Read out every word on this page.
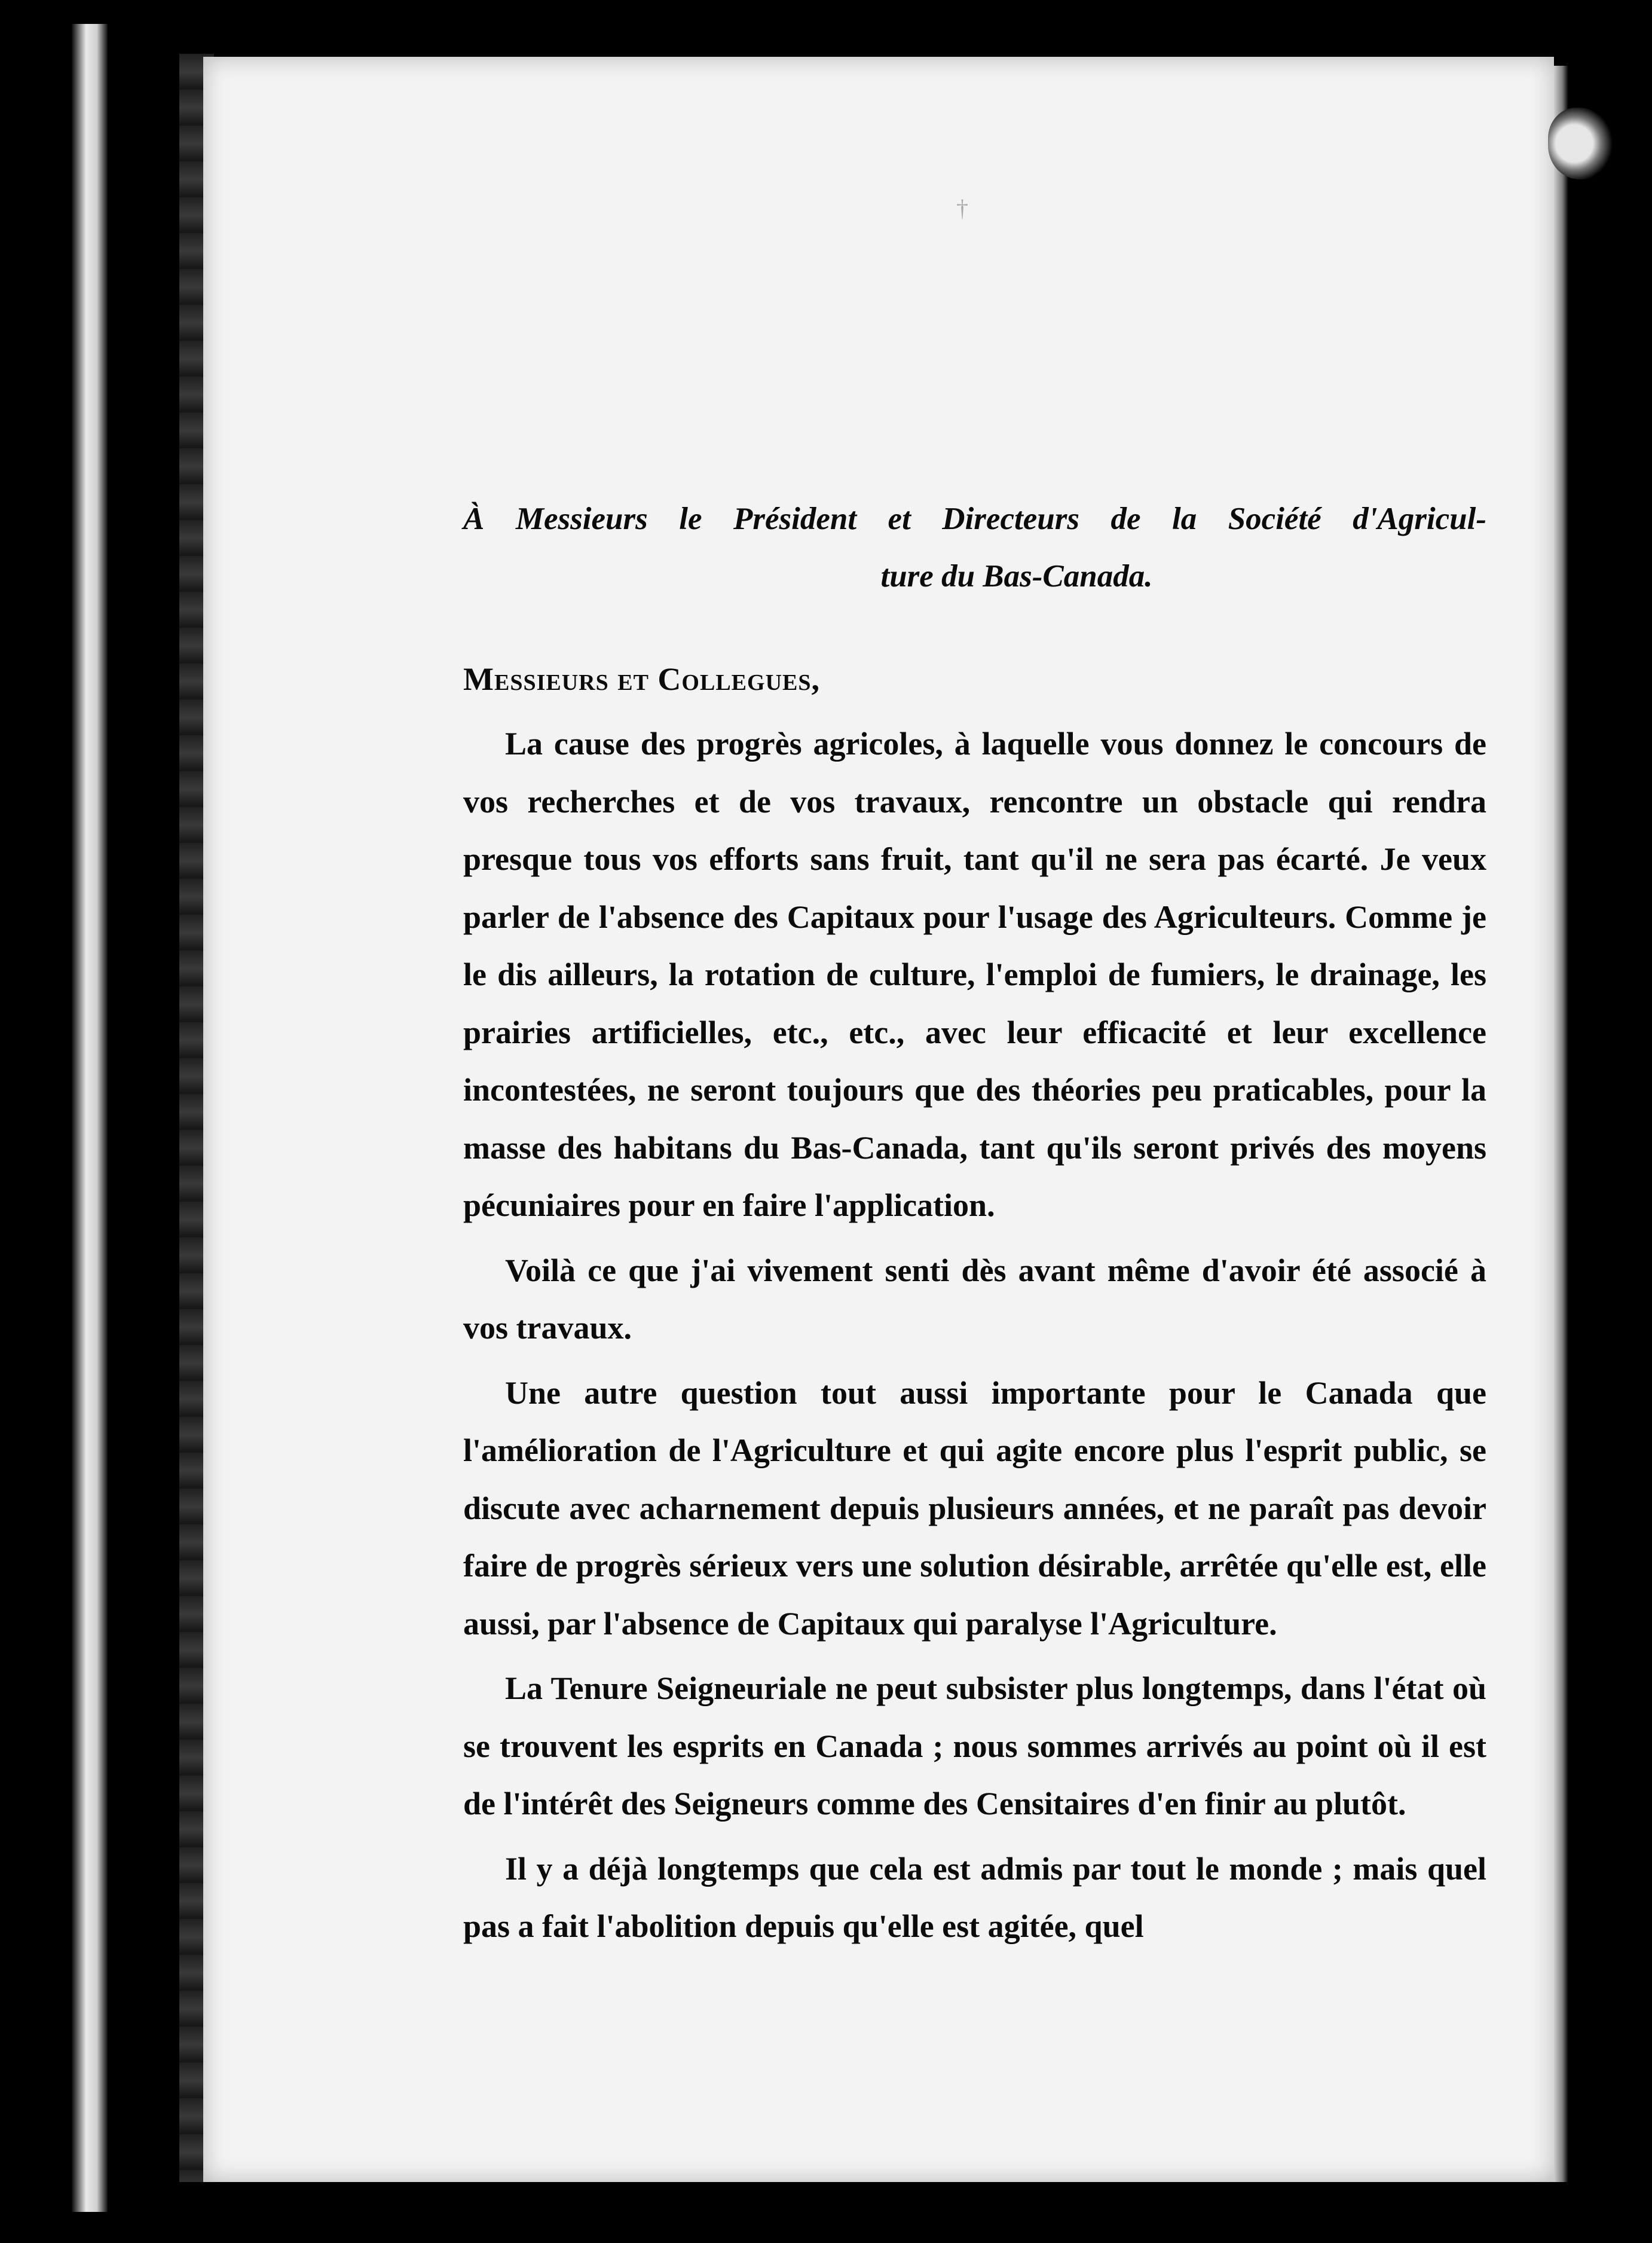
†
À Messieurs le Président et Directeurs de la Société d'Agricul-
ture du Bas-Canada.
Messieurs et Collegues,

La cause des progrès agricoles, à laquelle vous donnez le concours de vos recherches et de vos travaux, rencontre un obstacle qui rendra presque tous vos efforts sans fruit, tant qu'il ne sera pas écarté. Je veux parler de l'absence des Capitaux pour l'usage des Agriculteurs. Comme je le dis ailleurs, la rotation de culture, l'emploi de fumiers, le drainage, les prairies artificielles, etc., etc., avec leur efficacité et leur excellence incontestées, ne seront toujours que des théories peu praticables, pour la masse des habitans du Bas-Canada, tant qu'ils seront privés des moyens pécuniaires pour en faire l'application.

Voilà ce que j'ai vivement senti dès avant même d'avoir été associé à vos travaux.

Une autre question tout aussi importante pour le Canada que l'amélioration de l'Agriculture et qui agite encore plus l'esprit public, se discute avec acharnement depuis plusieurs années, et ne paraît pas devoir faire de progrès sérieux vers une solution désirable, arrêtée qu'elle est, elle aussi, par l'absence de Capitaux qui paralyse l'Agriculture.

La Tenure Seigneuriale ne peut subsister plus longtemps, dans l'état où se trouvent les esprits en Canada ; nous sommes arrivés au point où il est de l'intérêt des Seigneurs comme des Censitaires d'en finir au plutôt.

Il y a déjà longtemps que cela est admis par tout le monde ; mais quel pas a fait l'abolition depuis qu'elle est agitée, quel
